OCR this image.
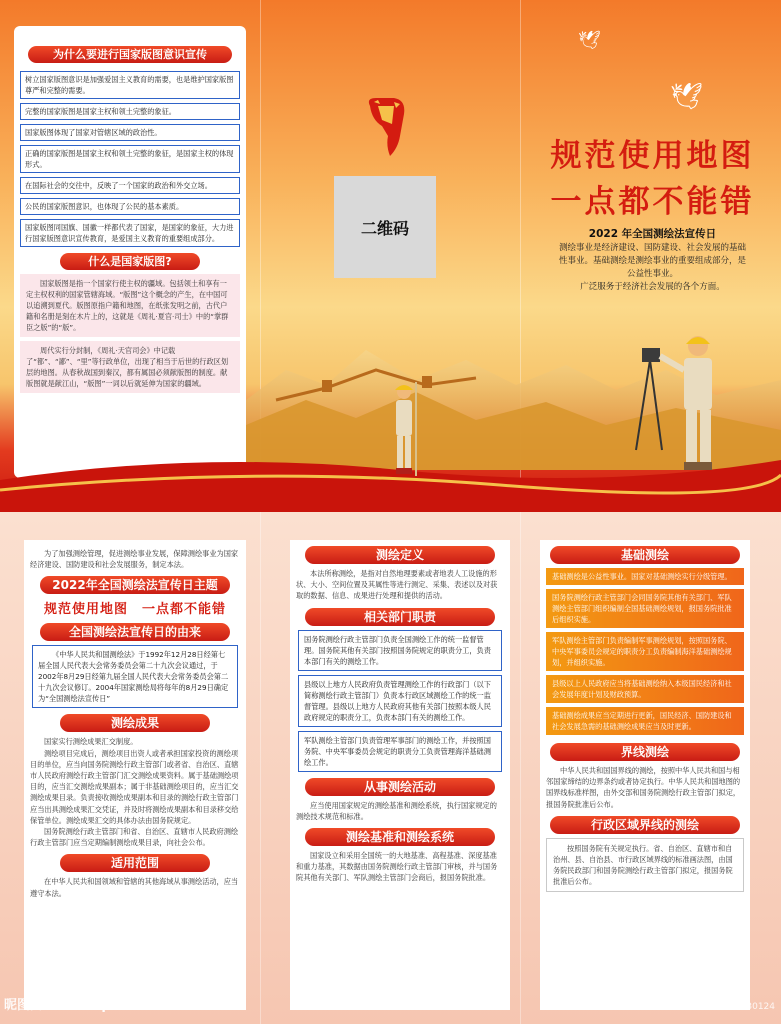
为什么要进行国家版图意识宣传
树立国家版图意识是加强爱国主义教育的需要，也是维护国家版图尊严和完整的需要。
完整的国家版图是国家主权和领土完整的象征。
国家版图体现了国家对管辖区域的政治性。
正确的国家版图是国家主权和领土完整的象征，是国家主权的体现形式。
在国际社会的交往中，反映了一个国家的政治和外交立场。
公民的国家版图意识，也体现了公民的基本素质。
国家版图同国旗、国徽一样都代表了国家，是国家的象征，大力进行国家版图意识宣传教育，是爱国主义教育的重要组成部分。
什么是国家版图?
国家版图是指一个国家行使主权的疆域。包括领土和享有一定主权权利的国家管辖海域。“版图”这个概念的产生，在中国可以追溯到夏代。版图原指户籍和地图，在纸张发明之前，古代户籍和名册是刻在木片上的，这就是《周礼·夏官·司士》中的“掌群臣之版”的“版”。
周代实行分封制，《周礼·天官司会》中记载了“都”、“鄙”、“里”等行政单位，出现了相当于后世的行政区划层的地图。从春秋战国到秦汉，都有属国必须献版图的制度。献版图就是献江山，“版图”一词以后就延伸为国家的疆域。
二维码
🕊
🕊
规范使用地图
一点都不能错
2022 年全国测绘法宣传日
测绘事业是经济建设、国防建设、社会发展的基础性事业。基础测绘是测绘事业的重要组成部分，是公益性事业。
广泛服务于经济社会发展的各个方面。
为了加强测绘管理，促进测绘事业发展，保障测绘事业为国家经济建设、国防建设和社会发展服务，制定本法。
2022年全国测绘法宣传日主题
规范使用地图　一点都不能错
全国测绘法宣传日的由来
《中华人民共和国测绘法》于1992年12月28日经第七届全国人民代表大会常务委员会第二十九次会议通过，于2002年8月29日经第九届全国人民代表大会常务委员会第二十九次会议修订。2004年国家测绘局将每年的8月29日确定为“全国测绘法宣传日”
测绘成果
国家实行测绘成果汇交制度。
测绘项目完成后，测绘项目出资人或者承担国家投资的测绘项目的单位，应当向国务院测绘行政主管部门或者省、自治区、直辖市人民政府测绘行政主管部门汇交测绘成果资料。属于基础测绘项目的，应当汇交测绘成果副本；属于非基础测绘项目的，应当汇交测绘成果目录。负责接收测绘成果副本和目录的测绘行政主管部门应当出具测绘成果汇交凭证，并及时将测绘成果副本和目录移交给保管单位。测绘成果汇交的具体办法由国务院规定。
国务院测绘行政主管部门和省、自治区、直辖市人民政府测绘行政主管部门应当定期编制测绘成果目录，向社会公布。
适用范围
在中华人民共和国领域和管辖的其他海域从事测绘活动，应当遵守本法。
测绘定义
本法所称测绘，是指对自然地理要素或者地表人工设施的形状、大小、空间位置及其属性等进行测定、采集、表述以及对获取的数据、信息、成果进行处理和提供的活动。
相关部门职责
国务院测绘行政主管部门负责全国测绘工作的统一监督管理。国务院其他有关部门按照国务院规定的职责分工，负责本部门有关的测绘工作。
县级以上地方人民政府负责管理测绘工作的行政部门（以下简称测绘行政主管部门）负责本行政区域测绘工作的统一监督管理。县级以上地方人民政府其他有关部门按照本级人民政府规定的职责分工，负责本部门有关的测绘工作。
军队测绘主管部门负责管理军事部门的测绘工作，并按照国务院、中央军事委员会规定的职责分工负责管理海洋基础测绘工作。
从事测绘活动
应当使用国家规定的测绘基准和测绘系统，执行国家规定的测绘技术规范和标准。
测绘基准和测绘系统
国家设立和采用全国统一的大地基准、高程基准、深度基准和重力基准，其数据由国务院测绘行政主管部门审核，并与国务院其他有关部门、军队测绘主管部门会商后，报国务院批准。
基础测绘
基础测绘是公益性事业。国家对基础测绘实行分级管理。
国务院测绘行政主管部门会同国务院其他有关部门、军队测绘主管部门组织编制全国基础测绘规划，报国务院批准后组织实施。
军队测绘主管部门负责编制军事测绘规划，按照国务院、中央军事委员会规定的职责分工负责编制海洋基础测绘规划，并组织实施。
县级以上人民政府应当将基础测绘纳入本级国民经济和社会发展年度计划及财政预算。
基础测绘成果应当定期进行更新，国民经济、国防建设和社会发展急需的基础测绘成果应当及时更新。
界线测绘
中华人民共和国国界线的测绘，按照中华人民共和国与相邻国家缔结的边界条约或者协定执行。中华人民共和国地图的国界线标准样图，由外交部和国务院测绘行政主管部门拟定，报国务院批准后公布。
行政区域界线的测绘
按照国务院有关规定执行。省、自治区、直辖市和自治州、县、自治县、市行政区域界线的标准画法图，由国务院民政部门和国务院测绘行政主管部门拟定，报国务院批准后公布。
昵图网 www.nipic.com	ID:9324737 NO:20220814162926330124
